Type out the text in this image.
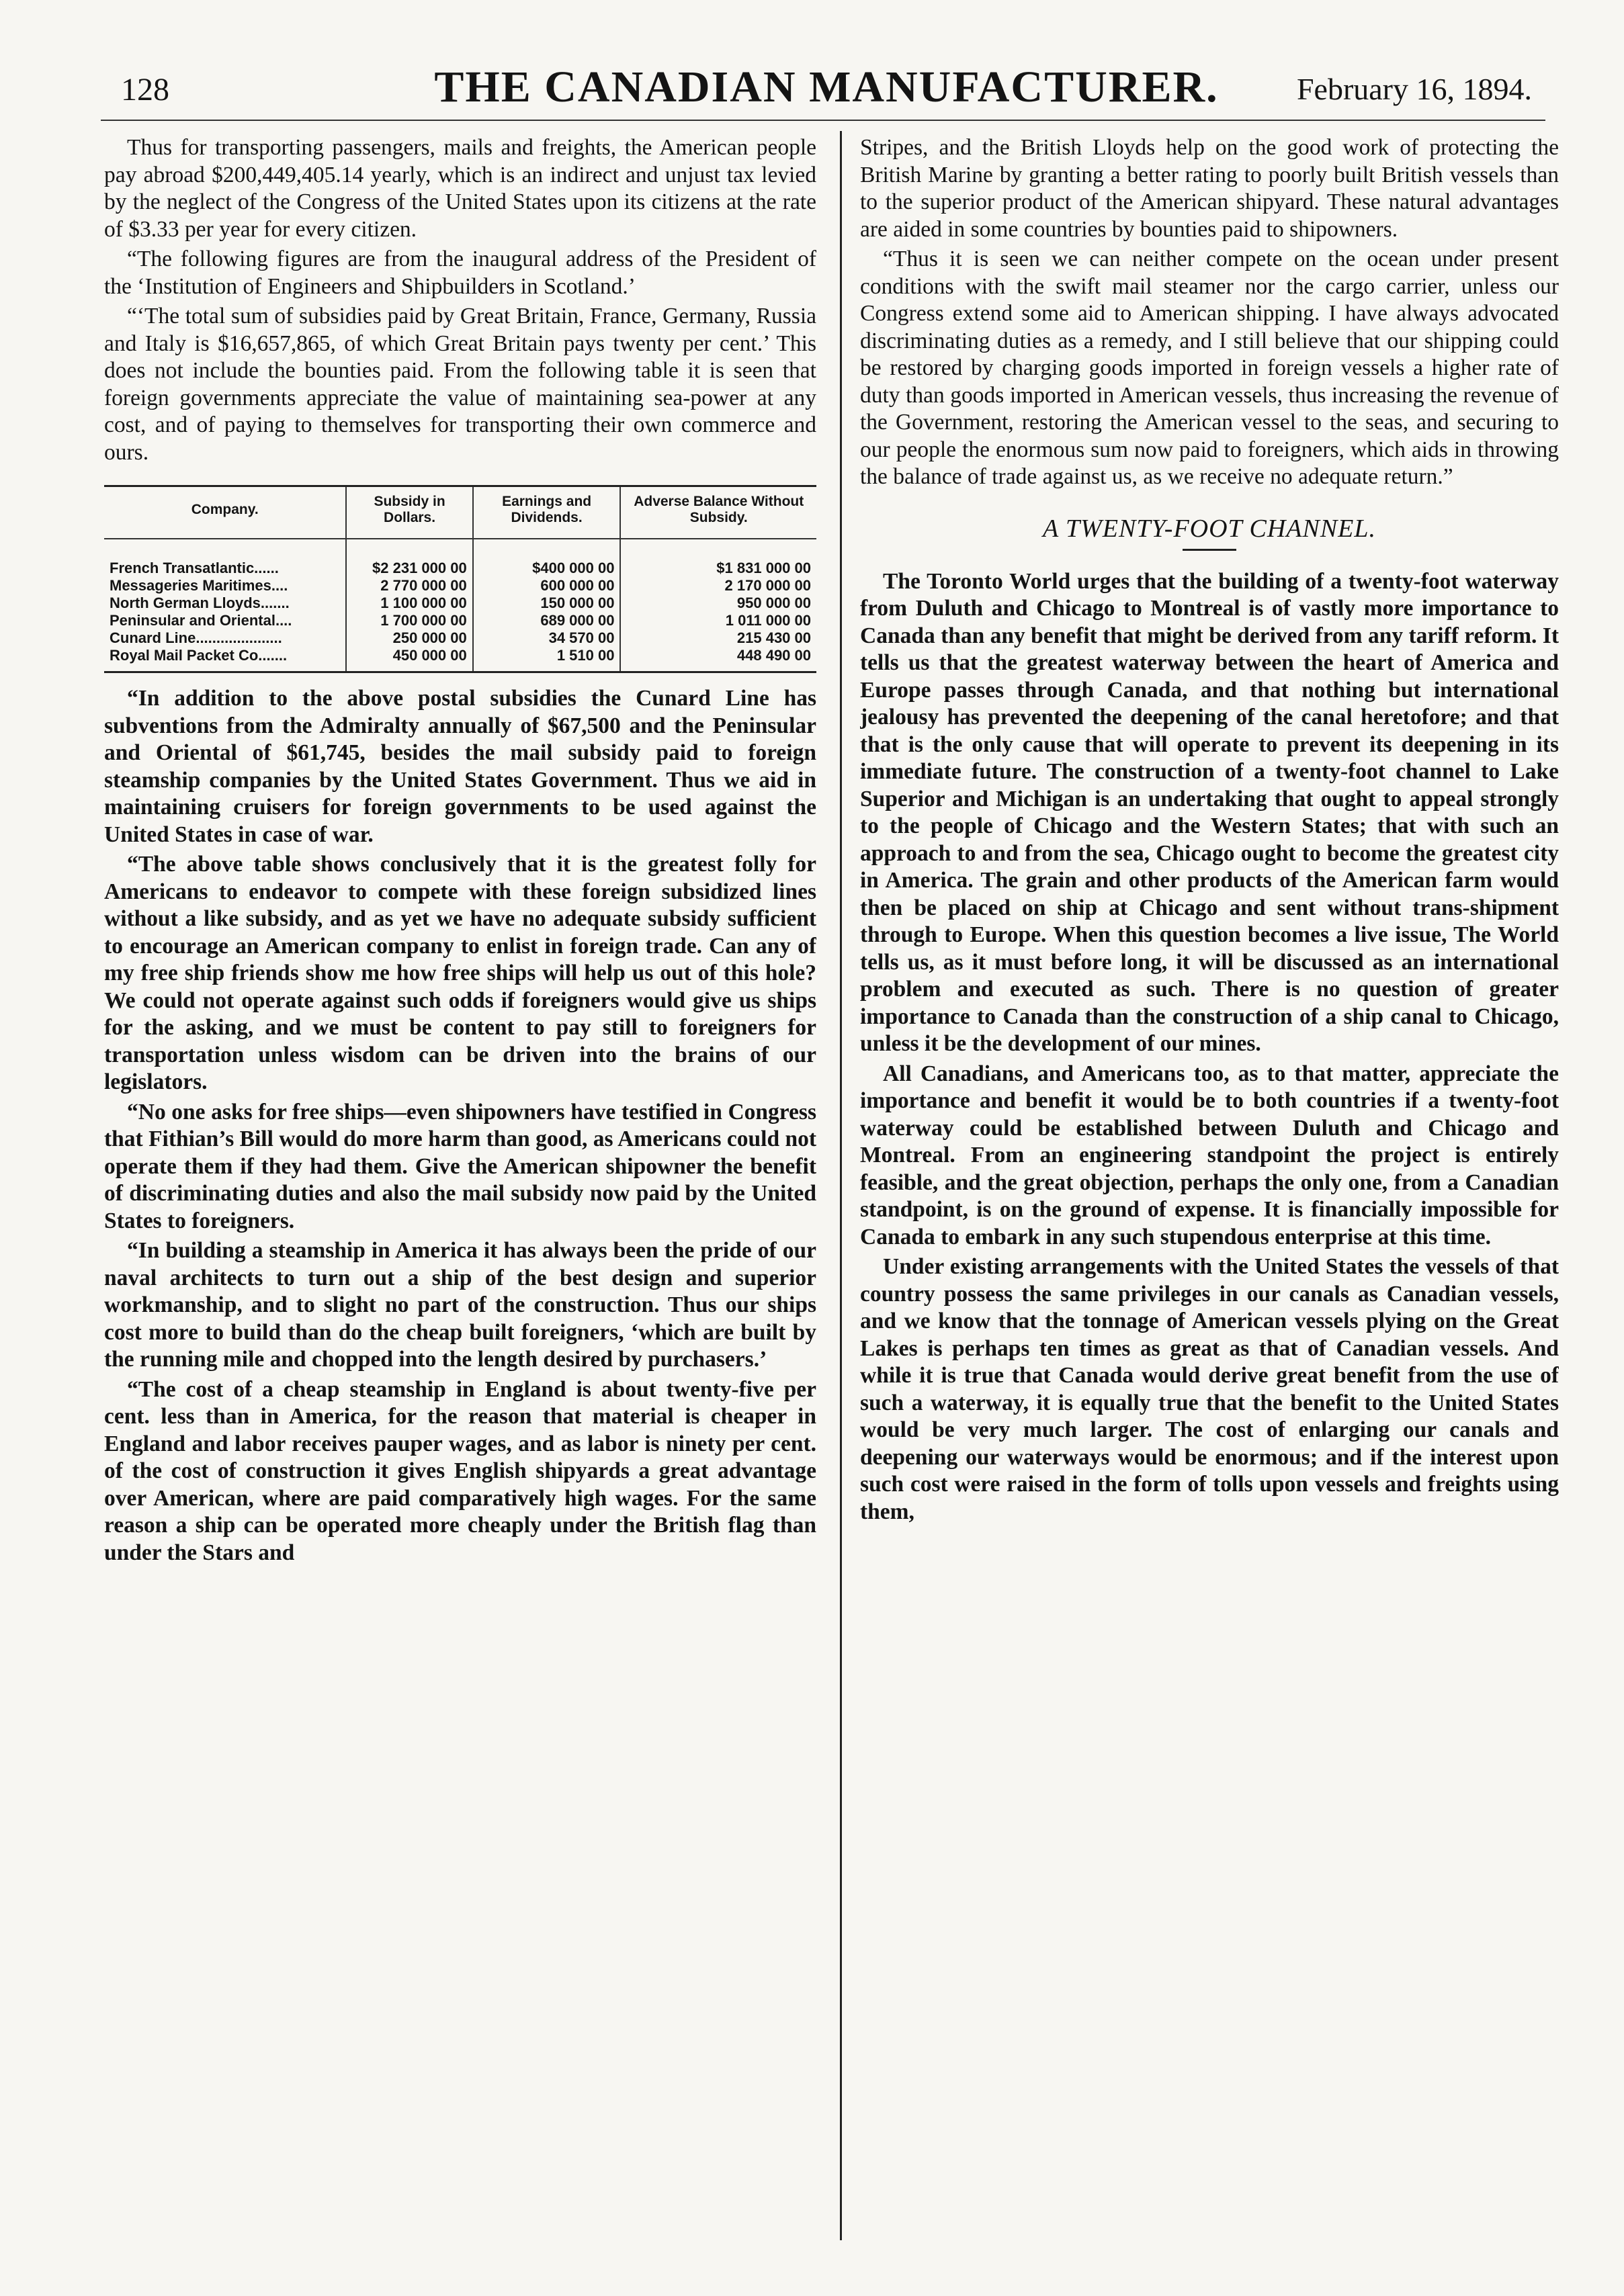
128	THE CANADIAN MANUFACTURER.	February 16, 1894.

Thus for transporting passengers, mails and freights, the American people pay abroad $200,449,405.14 yearly, which is an indirect and unjust tax levied by the neglect of the Congress of the United States upon its citizens at the rate of $3.33 per year for every citizen.

“The following figures are from the inaugural address of the President of the ‘Institution of Engineers and Shipbuilders in Scotland.’

“‘The total sum of subsidies paid by Great Britain, France, Germany, Russia and Italy is $16,657,865, of which Great Britain pays twenty per cent.’ This does not include the bounties paid. From the following table it is seen that foreign governments appreciate the value of maintaining sea-power at any cost, and of paying to themselves for transporting their own commerce and ours.

Company.	Subsidy in Dollars.	Earnings and Dividends.	Adverse Balance Without Subsidy.
French Transatlantic......	$2 231 000 00	$400 000 00	$1 831 000 00
Messageries Maritimes....	2 770 000 00	600 000 00	2 170 000 00
North German Lloyds.......	1 100 000 00	150 000 00	950 000 00
Peninsular and Oriental....	1 700 000 00	689 000 00	1 011 000 00
Cunard Line.....................	250 000 00	34 570 00	215 430 00
Royal Mail Packet Co.......	450 000 00	1 510 00	448 490 00

“In addition to the above postal subsidies the Cunard Line has subventions from the Admiralty annually of $67,500 and the Peninsular and Oriental of $61,745, besides the mail subsidy paid to foreign steamship companies by the United States Government. Thus we aid in maintaining cruisers for foreign governments to be used against the United States in case of war.

“The above table shows conclusively that it is the greatest folly for Americans to endeavor to compete with these foreign subsidized lines without a like subsidy, and as yet we have no adequate subsidy sufficient to encourage an American company to enlist in foreign trade. Can any of my free ship friends show me how free ships will help us out of this hole? We could not operate against such odds if foreigners would give us ships for the asking, and we must be content to pay still to foreigners for transportation unless wisdom can be driven into the brains of our legislators.

“No one asks for free ships—even shipowners have testified in Congress that Fithian’s Bill would do more harm than good, as Americans could not operate them if they had them. Give the American shipowner the benefit of discriminating duties and also the mail subsidy now paid by the United States to foreigners.

“In building a steamship in America it has always been the pride of our naval architects to turn out a ship of the best design and superior workmanship, and to slight no part of the construction. Thus our ships cost more to build than do the cheap built foreigners, ‘which are built by the running mile and chopped into the length desired by purchasers.’

“The cost of a cheap steamship in England is about twenty-five per cent. less than in America, for the reason that material is cheaper in England and labor receives pauper wages, and as labor is ninety per cent. of the cost of construction it gives English shipyards a great advantage over American, where are paid comparatively high wages. For the same reason a ship can be operated more cheaply under the British flag than under the Stars and

Stripes, and the British Lloyds help on the good work of protecting the British Marine by granting a better rating to poorly built British vessels than to the superior product of the American shipyard. These natural advantages are aided in some countries by bounties paid to shipowners.

“Thus it is seen we can neither compete on the ocean under present conditions with the swift mail steamer nor the cargo carrier, unless our Congress extend some aid to American shipping. I have always advocated discriminating duties as a remedy, and I still believe that our shipping could be restored by charging goods imported in foreign vessels a higher rate of duty than goods imported in American vessels, thus increasing the revenue of the Government, restoring the American vessel to the seas, and securing to our people the enormous sum now paid to foreigners, which aids in throwing the balance of trade against us, as we receive no adequate return.”

A TWENTY-FOOT CHANNEL.

The Toronto World urges that the building of a twenty-foot waterway from Duluth and Chicago to Montreal is of vastly more importance to Canada than any benefit that might be derived from any tariff reform. It tells us that the greatest waterway between the heart of America and Europe passes through Canada, and that nothing but international jealousy has prevented the deepening of the canal heretofore; and that that is the only cause that will operate to prevent its deepening in its immediate future. The construction of a twenty-foot channel to Lake Superior and Michigan is an undertaking that ought to appeal strongly to the people of Chicago and the Western States; that with such an approach to and from the sea, Chicago ought to become the greatest city in America. The grain and other products of the American farm would then be placed on ship at Chicago and sent without trans-shipment through to Europe. When this question becomes a live issue, The World tells us, as it must before long, it will be discussed as an international problem and executed as such. There is no question of greater importance to Canada than the construction of a ship canal to Chicago, unless it be the development of our mines.

All Canadians, and Americans too, as to that matter, appreciate the importance and benefit it would be to both countries if a twenty-foot waterway could be established between Duluth and Chicago and Montreal. From an engineering standpoint the project is entirely feasible, and the great objection, perhaps the only one, from a Canadian standpoint, is on the ground of expense. It is financially impossible for Canada to embark in any such stupendous enterprise at this time.

Under existing arrangements with the United States the vessels of that country possess the same privileges in our canals as Canadian vessels, and we know that the tonnage of American vessels plying on the Great Lakes is perhaps ten times as great as that of Canadian vessels. And while it is true that Canada would derive great benefit from the use of such a waterway, it is equally true that the benefit to the United States would be very much larger. The cost of enlarging our canals and deepening our waterways would be enormous; and if the interest upon such cost were raised in the form of tolls upon vessels and freights using them,
